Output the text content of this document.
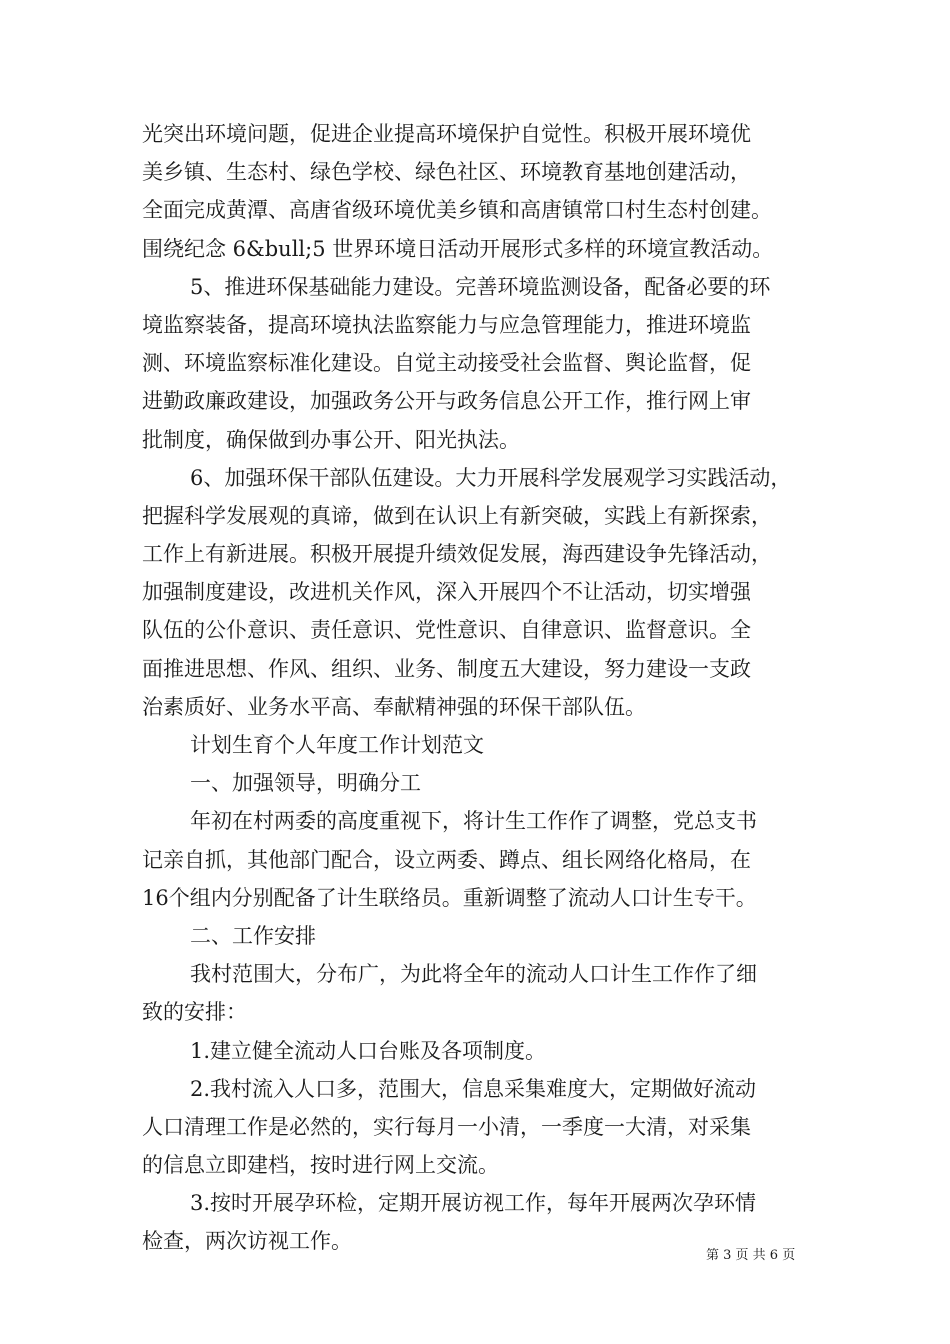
光突出环境问题，促进企业提高环境保护自觉性。积极开展环境优
美乡镇、生态村、绿色学校、绿色社区、环境教育基地创建活动，
全面完成黄潭、高唐省级环境优美乡镇和高唐镇常口村生态村创建。
围绕纪念 6&bull;5 世界环境日活动开展形式多样的环境宣教活动。
5、推进环保基础能力建设。完善环境监测设备，配备必要的环
境监察装备，提高环境执法监察能力与应急管理能力，推进环境监
测、环境监察标准化建设。自觉主动接受社会监督、舆论监督，促
进勤政廉政建设，加强政务公开与政务信息公开工作，推行网上审
批制度，确保做到办事公开、阳光执法。
6、加强环保干部队伍建设。大力开展科学发展观学习实践活动，
把握科学发展观的真谛，做到在认识上有新突破，实践上有新探索，
工作上有新进展。积极开展提升绩效促发展，海西建设争先锋活动，
加强制度建设，改进机关作风，深入开展四个不让活动，切实增强
队伍的公仆意识、责任意识、党性意识、自律意识、监督意识。全
面推进思想、作风、组织、业务、制度五大建设，努力建设一支政
治素质好、业务水平高、奉献精神强的环保干部队伍。
计划生育个人年度工作计划范文
一、加强领导，明确分工
年初在村两委的高度重视下，将计生工作作了调整，党总支书
记亲自抓，其他部门配合，设立两委、蹲点、组长网络化格局，在
16个组内分别配备了计生联络员。重新调整了流动人口计生专干。
二、工作安排
我村范围大，分布广，为此将全年的流动人口计生工作作了细
致的安排：
1.建立健全流动人口台账及各项制度。
2.我村流入人口多，范围大，信息采集难度大，定期做好流动
人口清理工作是必然的，实行每月一小清，一季度一大清，对采集
的信息立即建档，按时进行网上交流。
3.按时开展孕环检，定期开展访视工作，每年开展两次孕环情
检查，两次访视工作。
第 3 页 共 6 页
